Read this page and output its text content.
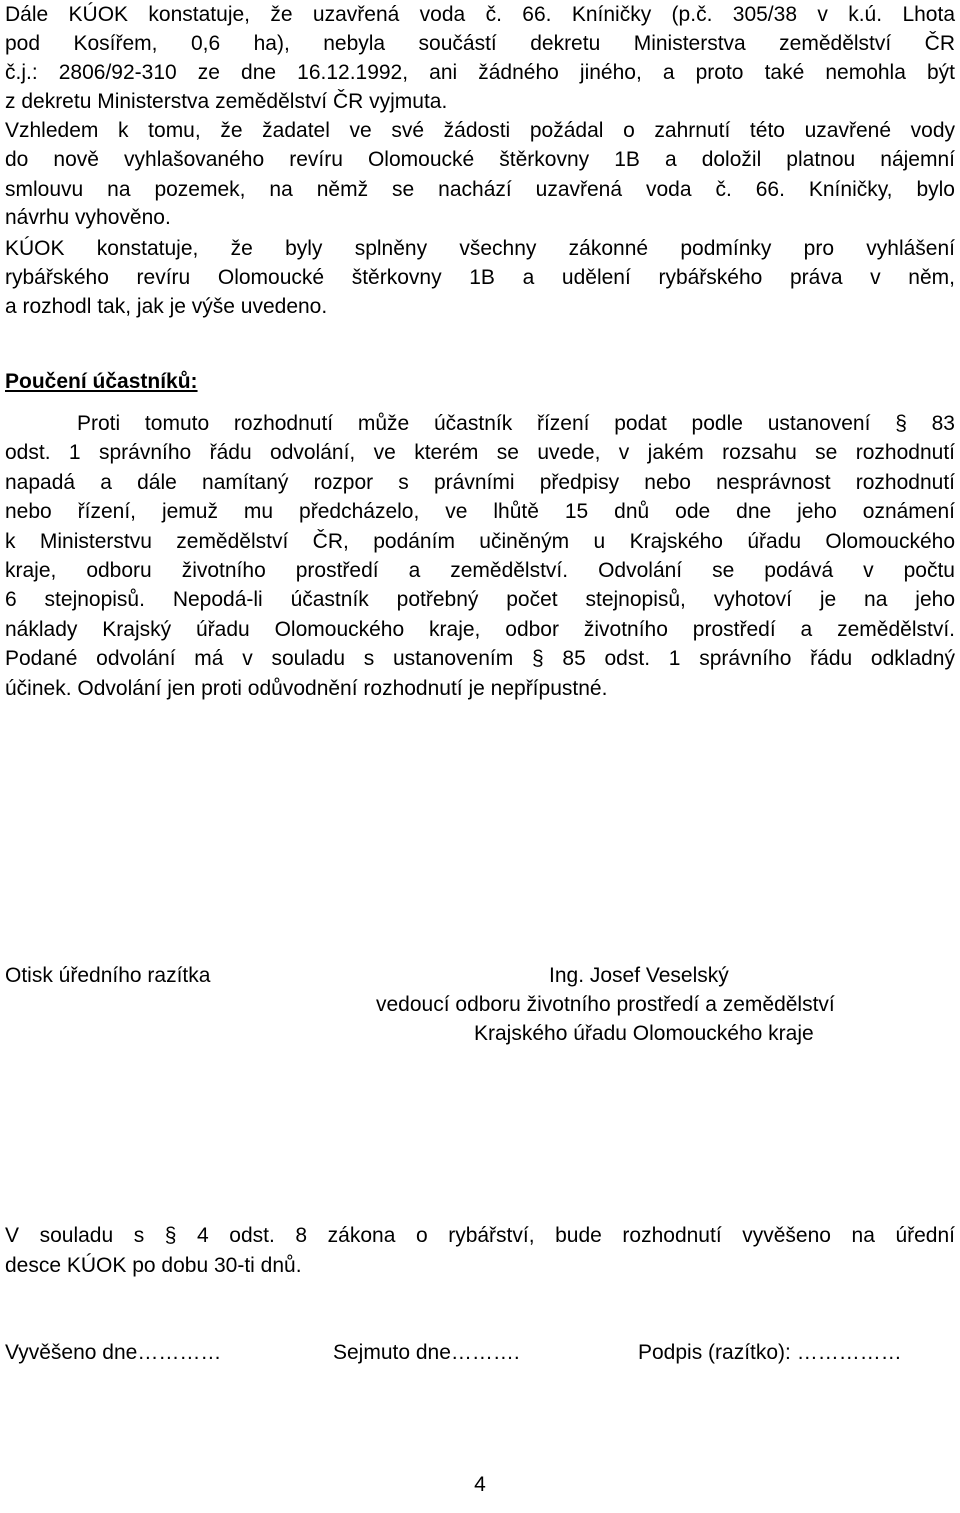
Dále KÚOK konstatuje, že uzavřená voda č. 66. Kníničky (p.č. 305/38 v k.ú. Lhota
pod Kosířem, 0,6 ha), nebyla součástí dekretu Ministerstva zemědělství ČR
č.j.: 2806/92-310 ze dne 16.12.1992, ani žádného jiného, a proto také nemohla být
z dekretu Ministerstva zemědělství ČR vyjmuta.
Vzhledem k tomu, že žadatel ve své žádosti požádal o zahrnutí této uzavřené vody
do nově vyhlašovaného revíru Olomoucké štěrkovny 1B a doložil platnou nájemní
smlouvu na pozemek, na němž se nachází uzavřená voda č. 66. Kníničky, bylo
návrhu vyhověno.
KÚOK konstatuje, že byly splněny všechny zákonné podmínky pro vyhlášení
rybářského revíru Olomoucké štěrkovny 1B a udělení rybářského práva v něm,
a rozhodl tak, jak je výše uvedeno.
Poučení účastníků:
Proti tomuto rozhodnutí může účastník řízení podat podle ustanovení § 83
odst. 1 správního řádu odvolání, ve kterém se uvede, v jakém rozsahu se rozhodnutí
napadá a dále namítaný rozpor s právními předpisy nebo nesprávnost rozhodnutí
nebo řízení, jemuž mu předcházelo, ve lhůtě 15 dnů ode dne jeho oznámení
k Ministerstvu zemědělství ČR, podáním učiněným u Krajského úřadu Olomouckého
kraje, odboru životního prostředí a zemědělství. Odvolání se podává v počtu
6 stejnopisů. Nepodá-li účastník potřebný počet stejnopisů, vyhotoví je na jeho
náklady Krajský úřadu Olomouckého kraje, odbor životního prostředí a zemědělství.
Podané odvolání má v souladu s ustanovením § 85 odst. 1 správního řádu odkladný
účinek. Odvolání jen proti odůvodnění rozhodnutí je nepřípustné.
Otisk úředního razítka	Ing. Josef Veselský
vedoucí odboru životního prostředí a zemědělství
Krajského úřadu Olomouckého kraje
V souladu s § 4 odst. 8 zákona o rybářství, bude rozhodnutí vyvěšeno na úřední
desce KÚOK po dobu 30-ti dnů.
Vyvěšeno dne…………	Sejmuto dne……….	Podpis (razítko): ……………
4
